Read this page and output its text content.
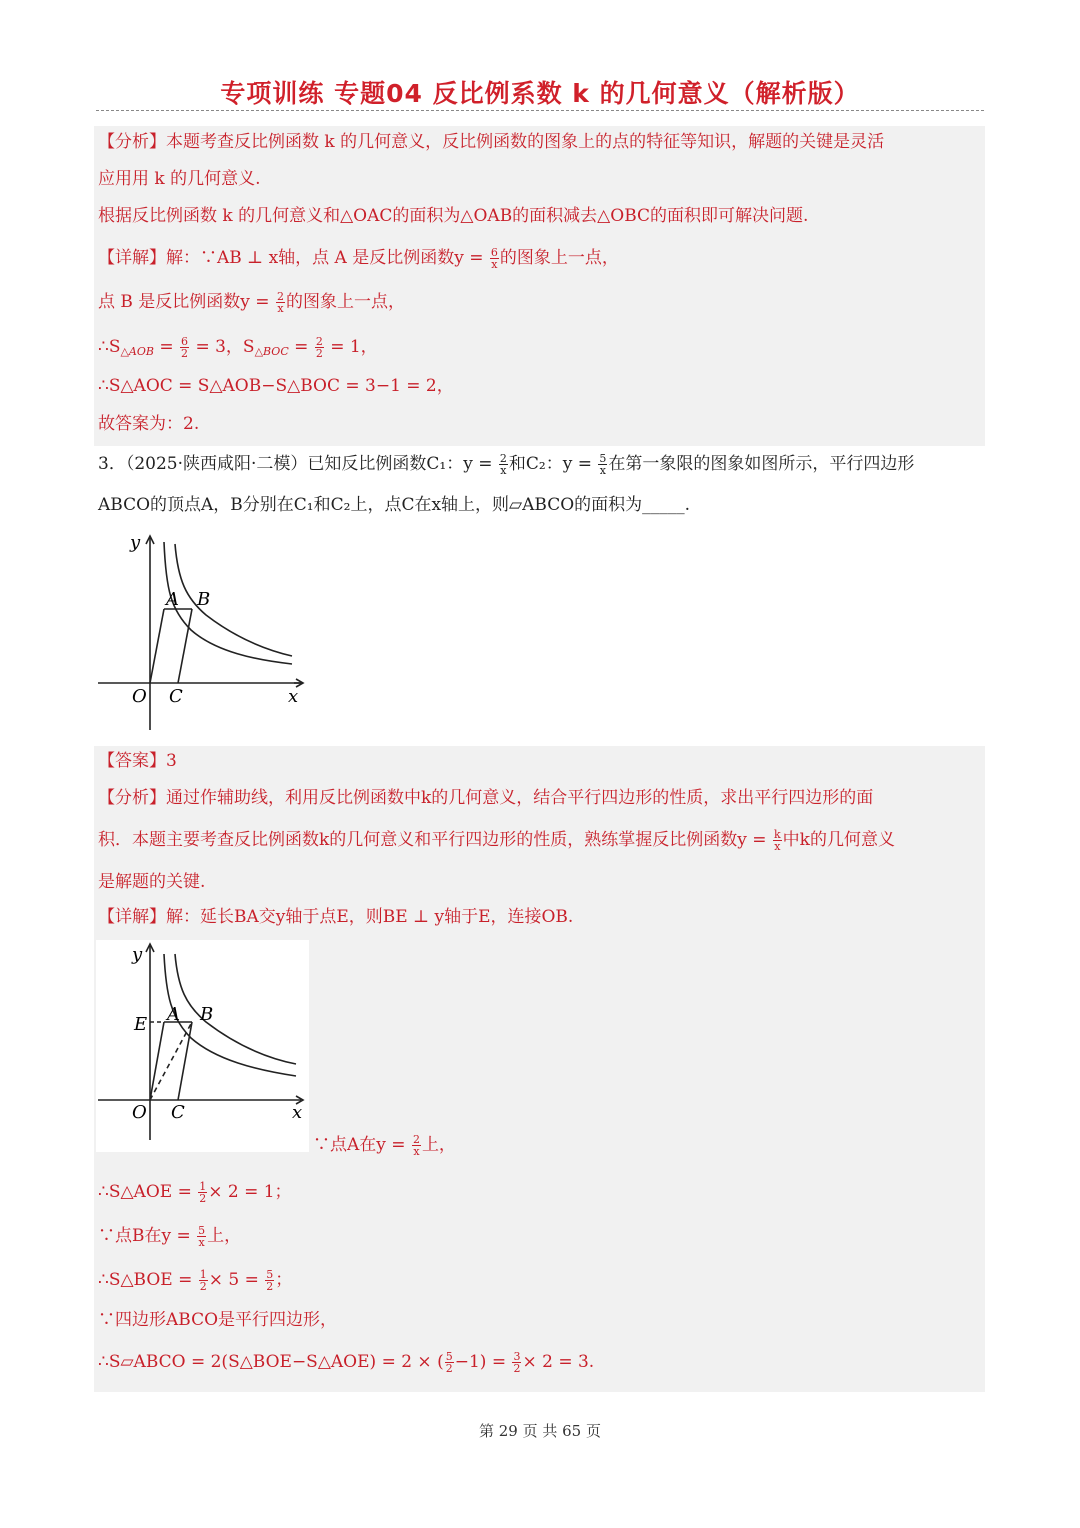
专项训练 专题04 反比例系数 k 的几何意义（解析版）
【分析】本题考查反比例函数 k 的几何意义，反比例函数的图象上的点的特征等知识，解题的关键是灵活
应用用 k 的几何意义.
根据反比例函数 k 的几何意义和△OAC的面积为△OAB的面积减去△OBC的面积即可解决问题.
【详解】解：∵AB ⊥ x轴，点 A 是反比例函数$y = \frac{6}{x}$ 的图象上一点，
点 B 是反比例函数$y = \frac{2}{x}$ 的图象上一点，
$\therefore S_{\triangle AOB} = \frac{6}{2} = 3$，$S_{\triangle BOC} = \frac{2}{2} = 1$，
∴S△AOC = S△AOB−S△BOC = 3−1 = 2，
故答案为：2.
3．（2025·陕西咸阳·二模）已知反比例函数C₁：$y = \frac{2}{x}$ 和C₂：$y = \frac{5}{x}$ 在第一象限的图象如图所示，平行四边形
ABCO的顶点A，B分别在C₁和C₂上，点C在x轴上，则▱ABCO的面积为_____.
y
x
O C
A B
【答案】3
【分析】通过作辅助线，利用反比例函数中k的几何意义，结合平行四边形的性质，求出平行四边形的面
积．本题主要考查反比例函数k的几何意义和平行四边形的性质，熟练掌握反比例函数$y = \frac{k}{x}$ 中k的几何意义
是解题的关键.
【详解】解：延长BA交y轴于点E，则BE ⊥ y轴于E，连接OB.
y
x
O C
A B
E
∵点A在$y = \frac{2}{x}$ 上，
∴S△AOE = $\frac{1}{2} \times 2 = 1$；
∵点B在$y = \frac{5}{x}$ 上，
∴S△BOE = $\frac{1}{2} \times 5 = \frac{5}{2}$ ；
∵四边形ABCO是平行四边形，
∴S▱ABCO = 2(S△BOE−S△AOE) = 2 × ( $\frac{5}{2} -1) = \frac{3}{2} \times 2 = 3$.
第 29 页 共 65 页
